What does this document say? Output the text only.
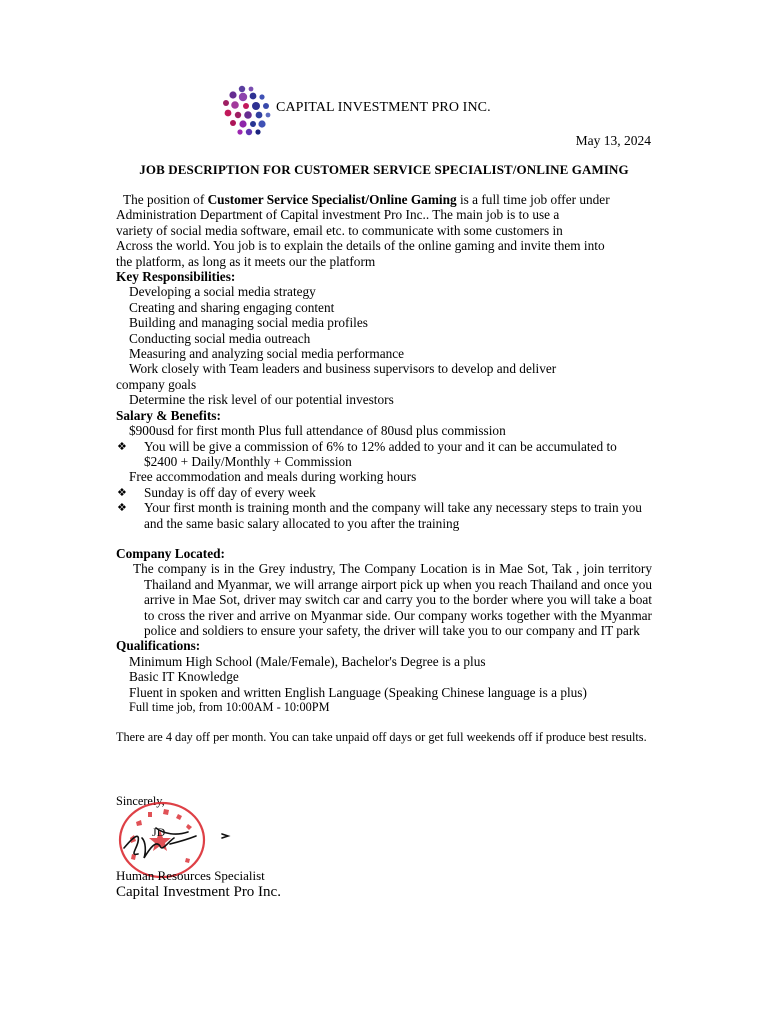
CAPITAL INVESTMENT PRO INC.
May 13, 2024
JOB DESCRIPTION FOR CUSTOMER SERVICE SPECIALIST/ONLINE GAMING
The position of Customer Service Specialist/Online Gaming is a full time job offer under
Administration Department of Capital investment Pro Inc.. The main job is to use a
variety of social media software, email etc. to communicate with some customers in
Across the world. You job is to explain the details of the online gaming and invite them into
the platform, as long as it meets our the platform
Key Responsibilities:
Developing a social media strategy
Creating and sharing engaging content
Building and managing social media profiles
Conducting social media outreach
Measuring and analyzing social media performance
Work closely with Team leaders and business supervisors to develop and deliver
company goals
Determine the risk level of our potential investors
Salary & Benefits:
$900usd for first month Plus full attendance of 80usd plus commission
❖	You will be give a commission of 6% to 12% added to your and it can be accumulated to $2400 + Daily/Monthly + Commission
Free accommodation and meals during working hours
❖	Sunday is off day of every week
❖	Your first month is training month and the company will take any necessary steps to train you and the same basic salary allocated to you after the training
Company Located:
The company is in the Grey industry, The Company Location is in Mae Sot, Tak , join territory Thailand and Myanmar, we will arrange airport pick up when you reach Thailand and once you arrive in Mae Sot, driver may switch car and carry you to the border where you will take a boat to cross the river and arrive on Myanmar side. Our company works together with the Myanmar police and soldiers to ensure your safety, the driver will take you to our company and IT park
Qualifications:
Minimum High School (Male/Female), Bachelor's Degree is a plus
Basic IT Knowledge
Fluent in spoken and written English Language (Speaking Chinese language is a plus)
Full time job, from 10:00AM - 10:00PM
There are 4 day off per month. You can take unpaid off days or get full weekends off if produce best results.
Sincerely,
JD
Human Resources Specialist
Capital Investment Pro Inc.
